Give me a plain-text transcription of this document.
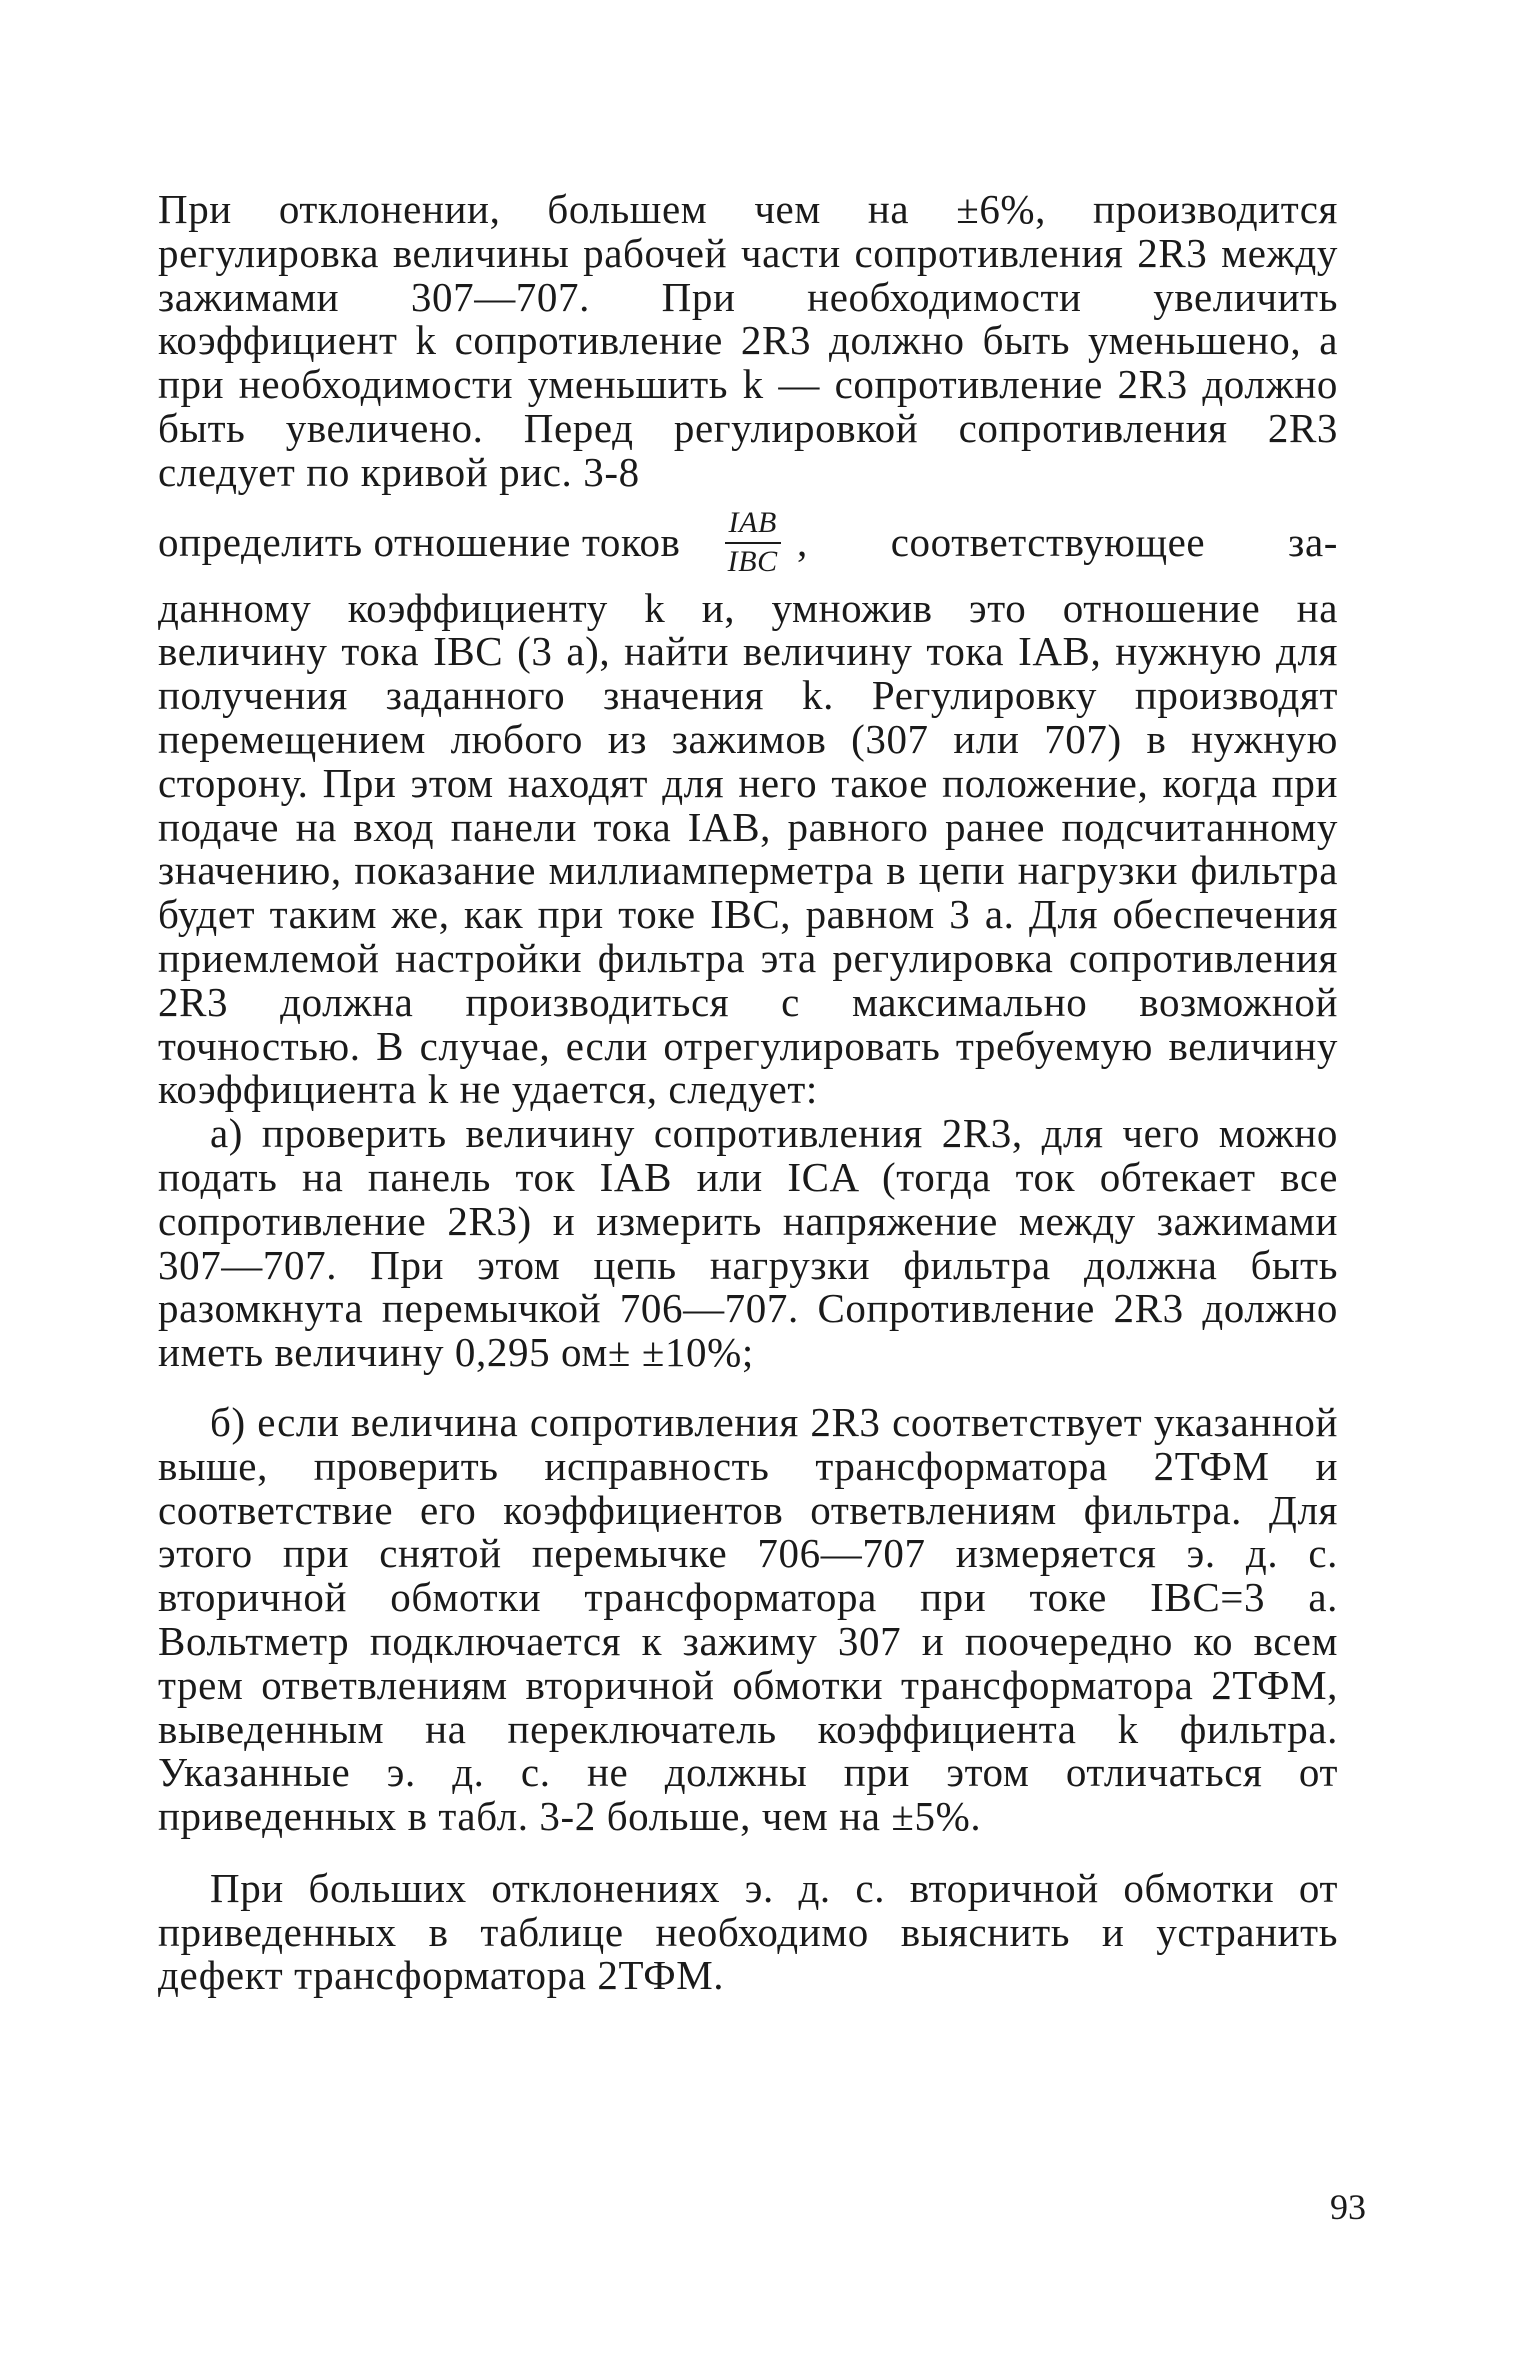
При отклонении, большем чем на ±6%, производится регулировка величины рабочей части сопротивления 2R3 между зажимами 307—707. При необходимости увеличить коэффициент k сопротивление 2R3 должно быть уменьшено, а при необходимости уменьшить k — сопротивление 2R3 должно быть увеличено. Перед регулировкой сопротивления 2R3 следует по кривой рис. 3-8

определить отношение токов $\frac{\text{IAB}}{\text{IBC}}$ , соответствующее за-

данному коэффициенту k и, умножив это отношение на величину тока IBC (3 a), найти величину тока IAB, нужную для получения заданного значения k. Регулировку производят перемещением любого из зажимов (307 или 707) в нужную сторону. При этом находят для него такое положение, когда при подаче на вход панели тока IAB, равного ранее подсчитанному значению, показание миллиамперметра в цепи нагрузки фильтра будет таким же, как при токе IBC, равном 3 a. Для обеспечения приемлемой настройки фильтра эта регулировка сопротивления 2R3 должна производиться с максимально возможной точностью. В случае, если отрегулировать требуемую величину коэффициента k не удается, следует:

а) проверить величину сопротивления 2R3, для чего можно подать на панель ток IAB или ICA (тогда ток обтекает все сопротивление 2R3) и измерить напряжение между зажимами 307—707. При этом цепь нагрузки фильтра должна быть разомкнута перемычкой 706—707. Сопротивление 2R3 должно иметь величину 0,295 ом± ±10%;

б) если величина сопротивления 2R3 соответствует указанной выше, проверить исправность трансформатора 2ТФМ и соответствие его коэффициентов ответвлениям фильтра. Для этого при снятой перемычке 706—707 измеряется э. д. с. вторичной обмотки трансформатора при токе IBC=3 a. Вольтметр подключается к зажиму 307 и поочередно ко всем трем ответвлениям вторичной обмотки трансформатора 2ТФМ, выведенным на переключатель коэффициента k фильтра. Указанные э. д. с. не должны при этом отличаться от приведенных в табл. 3-2 больше, чем на ±5%.

При больших отклонениях э. д. с. вторичной обмотки от приведенных в таблице необходимо выяснить и устранить дефект трансформатора 2ТФМ.

93
